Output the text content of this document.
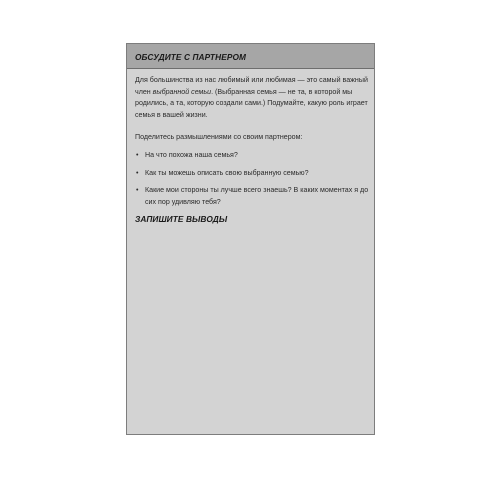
ОБСУДИТЕ С ПАРТНЕРОМ
Для большинства из нас любимый или любимая — это самый важный член выбранной семьи. (Выбранная семья — не та, в которой мы родились, а та, которую создали сами.) Подумайте, какую роль играет семья в вашей жизни.
Поделитесь размышлениями со своим партнером:
• На что похожа наша семья?
• Как ты можешь описать свою выбранную семью?
• Какие мои стороны ты лучше всего знаешь? В каких моментах я до сих пор удивляю тебя?
ЗАПИШИТЕ ВЫВОДЫ
